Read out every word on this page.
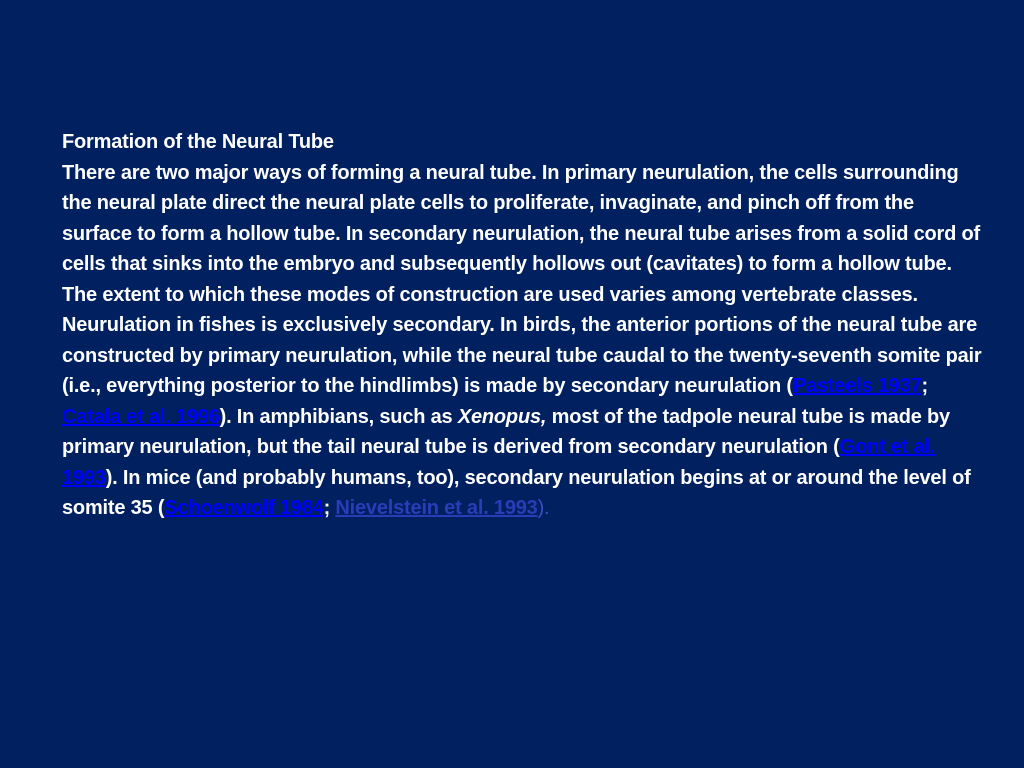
Formation of the Neural Tube

There are two major ways of forming a neural tube. In primary neurulation, the cells surrounding the neural plate direct the neural plate cells to proliferate, invaginate, and pinch off from the surface to form a hollow tube. In secondary neurulation, the neural tube arises from a solid cord of cells that sinks into the embryo and subsequently hollows out (cavitates) to form a hollow tube. The extent to which these modes of construction are used varies among vertebrate classes. Neurulation in fishes is exclusively secondary. In birds, the anterior portions of the neural tube are constructed by primary neurulation, while the neural tube caudal to the twenty-seventh somite pair (i.e., everything posterior to the hindlimbs) is made by secondary neurulation (Pasteels 1937; Catala et al. 1996). In amphibians, such as Xenopus, most of the tadpole neural tube is made by primary neurulation, but the tail neural tube is derived from secondary neurulation (Gont et al. 1993). In mice (and probably humans, too), secondary neurulation begins at or around the level of somite 35 (Schoenwolf 1984; Nievelstein et al. 1993).
